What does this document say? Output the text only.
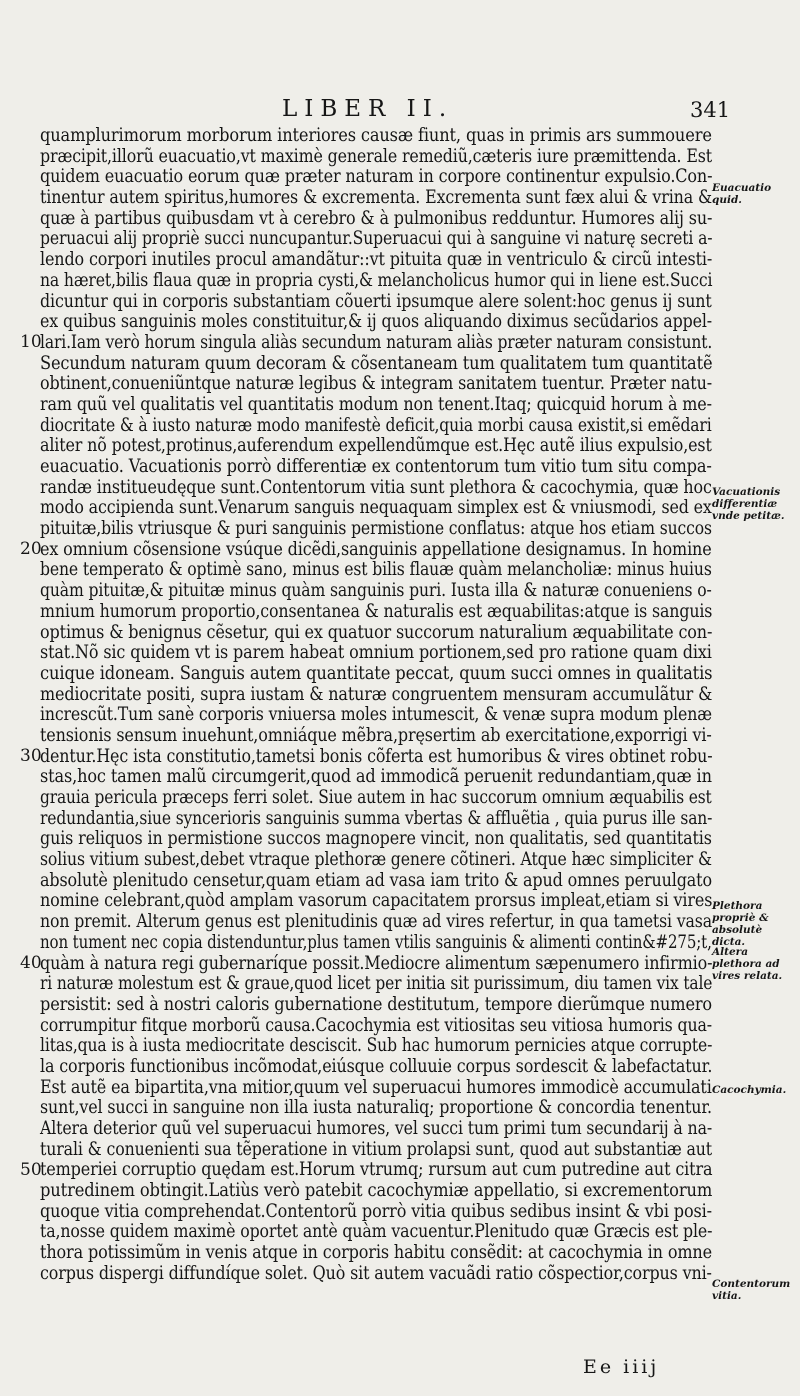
LIBER II.	341
quamplurimorum morborum interiores causæ fiunt, quas in primis ars summouere
præcipit,illorũ euacuatio,vt maximè generale remediũ,cæteris iure præmittenda. Est
quidem euacuatio eorum quæ præter naturam in corpore continentur expulsio.Con-
tinentur autem spiritus,humores & excrementa. Excrementa sunt fæx alui & vrina &
quæ à partibus quibusdam vt à cerebro & à pulmonibus redduntur. Humores alij su-
peruacui alij propriè succi nuncupantur.Superuacui qui à sanguine vi naturę secreti a-
lendo corpori inutiles procul amandãtur::vt pituita quæ in ventriculo & circũ intesti-
na hæret,bilis flaua quæ in propria cysti,& melancholicus humor qui in liene est.Succi
dicuntur qui in corporis substantiam cõuerti ipsumque alere solent:hoc genus ij sunt
ex quibus sanguinis moles constituitur,& ij quos aliquando diximus secũdarios appel-
lari.Iam verò horum singula aliàs secundum naturam aliàs præter naturam consistunt.
Secundum naturam quum decoram & cõsentaneam tum qualitatem tum quantitatẽ
obtinent,conueniũntque naturæ legibus & integram sanitatem tuentur. Præter natu-
ram quũ vel qualitatis vel quantitatis modum non tenent.Itaq; quicquid horum à me-
diocritate & à iusto naturæ modo manifestè deficit,quia morbi causa existit,si emẽdari
aliter nõ potest,protinus,auferendum expellendũmque est.Hęc autẽ ilius expulsio,est
euacuatio. Vacuationis porrò differentiæ ex contentorum tum vitio tum situ compa-
randæ institueudęque sunt.Contentorum vitia sunt plethora & cacochymia, quæ hoc
modo accipienda sunt.Venarum sanguis nequaquam simplex est & vniusmodi, sed ex
pituitæ,bilis vtriusque & puri sanguinis permistione conflatus: atque hos etiam succos
ex omnium cõsensione vsúque dicẽdi,sanguinis appellatione designamus. In homine
bene temperato & optimè sano, minus est bilis flauæ quàm melancholiæ: minus huius
quàm pituitæ,& pituitæ minus quàm sanguinis puri. Iusta illa & naturæ conueniens o-
mnium humorum proportio,consentanea & naturalis est æquabilitas:atque is sanguis
optimus & benignus cẽsetur, qui ex quatuor succorum naturalium æquabilitate con-
stat.Nõ sic quidem vt is parem habeat omnium portionem,sed pro ratione quam dixi
cuique idoneam. Sanguis autem quantitate peccat, quum succi omnes in qualitatis
mediocritate positi, supra iustam & naturæ congruentem mensuram accumulãtur &
increscũt.Tum sanè corporis vniuersa moles intumescit, & venæ supra modum plenæ
tensionis sensum inuehunt,omniáque mẽbra,pręsertim ab exercitatione,exporrigi vi-
dentur.Hęc ista constitutio,tametsi bonis cõferta est humoribus & vires obtinet robu-
stas,hoc tamen malũ circumgerit,quod ad immodicã peruenit redundantiam,quæ in
grauia pericula præceps ferri solet. Siue autem in hac succorum omnium æquabilis est
redundantia,siue syncerioris sanguinis summa vbertas & affluẽtia , quia purus ille san-
guis reliquos in permistione succos magnopere vincit, non qualitatis, sed quantitatis
solius vitium subest,debet vtraque plethoræ genere cõtineri. Atque hæc simpliciter &
absolutè plenitudo censetur,quam etiam ad vasa iam trito & apud omnes peruulgato
nomine celebrant,quòd amplam vasorum capacitatem prorsus impleat,etiam si vires
non premit. Alterum genus est plenitudinis quæ ad vires refertur, in qua tametsi vasa
non tument nec copia distenduntur,plus tamen vtilis sanguinis & alimenti contin&#275;t,
quàm à natura regi gubernaríque possit.Mediocre alimentum sæpenumero infirmio-
ri naturæ molestum est & graue,quod licet per initia sit purissimum, diu tamen vix tale
persistit: sed à nostri caloris gubernatione destitutum, tempore dierũmque numero
corrumpitur fitque morborũ causa.Cacochymia est vitiositas seu vitiosa humoris qua-
litas,qua is à iusta mediocritate desciscit. Sub hac humorum pernicies atque corrupte-
la corporis functionibus incõmodat,eiúsque colluuie corpus sordescit & labefactatur.
Est autẽ ea bipartita,vna mitior,quum vel superuacui humores immodicè accumulati
sunt,vel succi in sanguine non illa iusta naturaliq; proportione & concordia tenentur.
Altera deterior quũ vel superuacui humores, vel succi tum primi tum secundarij à na-
turali & conuenienti sua tẽperatione in vitium prolapsi sunt, quod aut substantiæ aut
temperiei corruptio quędam est.Horum vtrumq; rursum aut cum putredine aut citra
putredinem obtingit.Latiùs verò patebit cacochymiæ appellatio, si excrementorum
quoque vitia comprehendat.Contentorũ porrò vitia quibus sedibus insint & vbi posi-
ta,nosse quidem maximè oportet antè quàm vacuentur.Plenitudo quæ Græcis est ple-
thora potissimũm in venis atque in corporis habitu consẽdit: at cacochymia in omne
corpus dispergi diffundíque solet. Quò sit autem vacuãdi ratio cõspectior,corpus vni-
10
20
30
40
50
Euacuatio quid.
Vacuationis differentiæ vnde petitæ.
Plethora propriè & absolutè dicta.
Altera plethora ad vires relata.
Cacochymia.
Contentorum vitia.
Ee iiij
